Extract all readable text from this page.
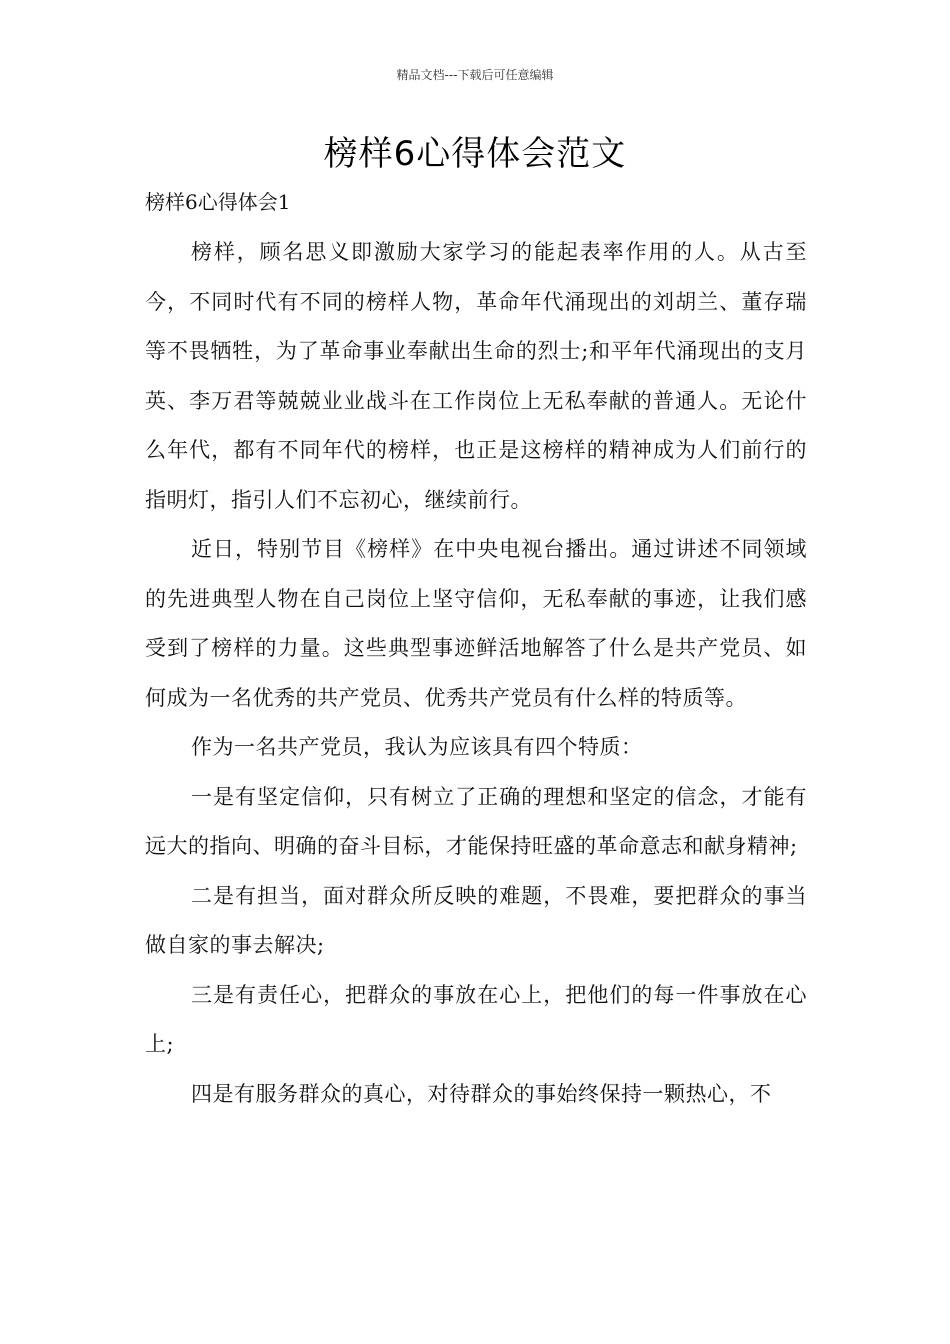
精品文档---下载后可任意编辑
榜样6心得体会范文
榜样6心得体会1

榜样，顾名思义即激励大家学习的能起表率作用的人。从古至今，不同时代有不同的榜样人物，革命年代涌现出的刘胡兰、董存瑞等不畏牺牲，为了革命事业奉献出生命的烈士;和平年代涌现出的支月英、李万君等兢兢业业战斗在工作岗位上无私奉献的普通人。无论什么年代，都有不同年代的榜样，也正是这榜样的精神成为人们前行的指明灯，指引人们不忘初心，继续前行。

近日，特别节目《榜样》在中央电视台播出。通过讲述不同领域的先进典型人物在自己岗位上坚守信仰，无私奉献的事迹，让我们感受到了榜样的力量。这些典型事迹鲜活地解答了什么是共产党员、如何成为一名优秀的共产党员、优秀共产党员有什么样的特质等。

作为一名共产党员，我认为应该具有四个特质：

一是有坚定信仰，只有树立了正确的理想和坚定的信念，才能有远大的指向、明确的奋斗目标，才能保持旺盛的革命意志和献身精神;

二是有担当，面对群众所反映的难题，不畏难，要把群众的事当做自家的事去解决;

三是有责任心，把群众的事放在心上，把他们的每一件事放在心上;

四是有服务群众的真心，对待群众的事始终保持一颗热心，不
